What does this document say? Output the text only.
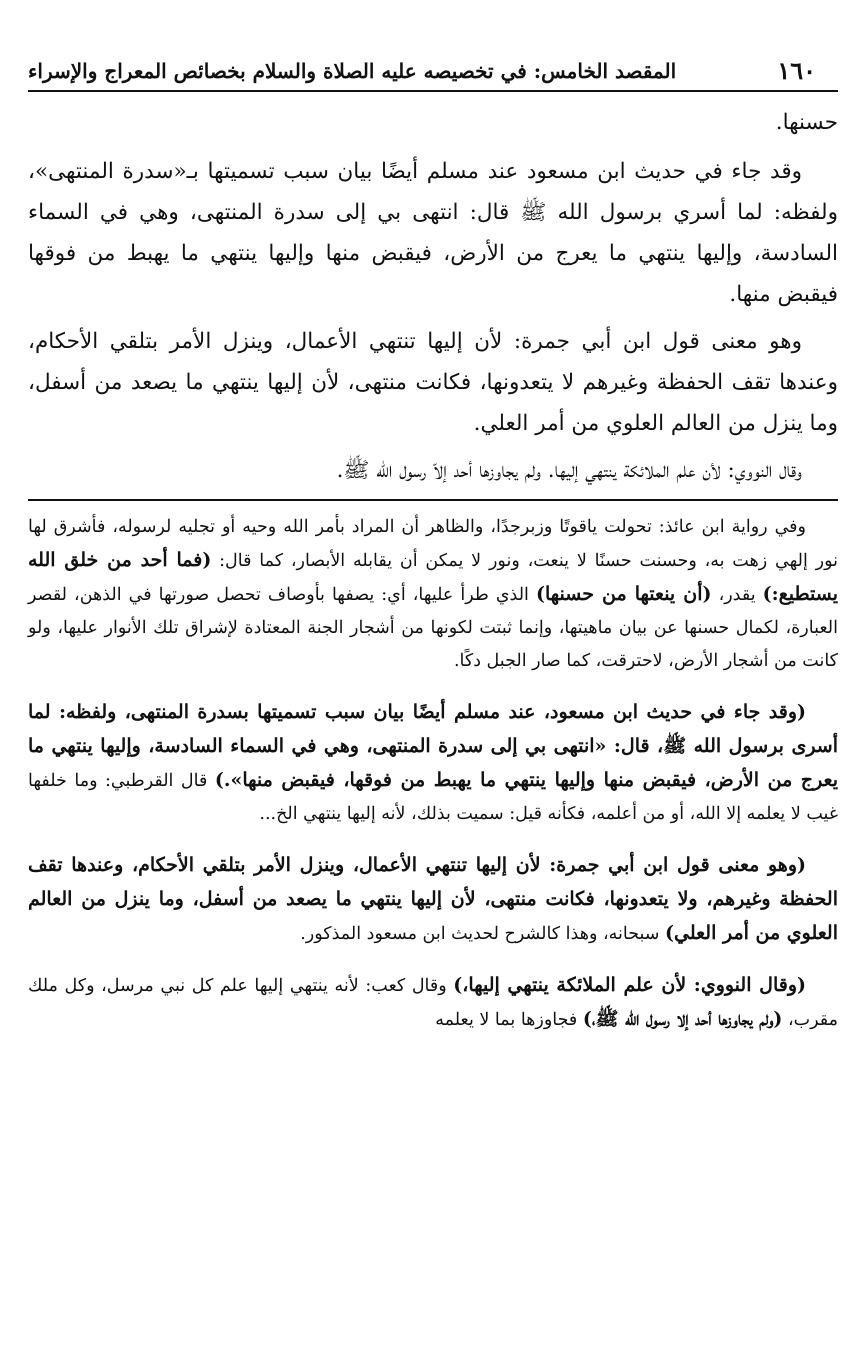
١٦٠
المقصد الخامس: في تخصيصه عليه الصلاة والسلام بخصائص المعراج والإسراء

حسنها.

وقد جاء في حديث ابن مسعود عند مسلم أيضًا بيان سبب تسميتها بـ«سدرة المنتهى»، ولفظه: لما أسري برسول الله ﷺ قال: انتهى بي إلى سدرة المنتهى، وهي في السماء السادسة، وإليها ينتهي ما يعرج من الأرض، فيقبض منها وإليها ينتهي ما يهبط من فوقها فيقبض منها.

وهو معنى قول ابن أبي جمرة: لأن إليها تنتهي الأعمال، وينزل الأمر بتلقي الأحكام، وعندها تقف الحفظة وغيرهم لا يتعدونها، فكانت منتهى، لأن إليها ينتهي ما يصعد من أسفل، وما ينزل من العالم العلوي من أمر العلي.

وقال النووي: لأن علم الملائكة ينتهي إليها. ولم يجاوزها أحد إلاّ رسول الله ﷺ.

وفي رواية ابن عائذ: تحولت ياقوتًا وزبرجدًا، والظاهر أن المراد بأمر الله وحيه أو تجليه لرسوله، فأشرق لها نور إلهي زهت به، وحسنت حسنًا لا ينعت، ونور لا يمكن أن يقابله الأبصار، كما قال: (فما أحد من خلق الله يستطيع:) يقدر، (أن ينعتها من حسنها) الذي طرأ عليها، أي: يصفها بأوصاف تحصل صورتها في الذهن، لقصر العبارة، لكمال حسنها عن بيان ماهيتها، وإنما ثبتت لكونها من أشجار الجنة المعتادة لإشراق تلك الأنوار عليها، ولو كانت من أشجار الأرض، لاحترقت، كما صار الجبل دكًا.

(وقد جاء في حديث ابن مسعود، عند مسلم أيضًا بيان سبب تسميتها بسدرة المنتهى، ولفظه: لما أسرى برسول الله ﷺ، قال: «انتهى بي إلى سدرة المنتهى، وهي في السماء السادسة، وإليها ينتهي ما يعرج من الأرض، فيقبض منها وإليها ينتهي ما يهبط من فوقها، فيقبض منها».) قال القرطبي: وما خلفها غيب لا يعلمه إلا الله، أو من أعلمه، فكأنه قيل: سميت بذلك، لأنه إليها ينتهي الخ...

(وهو معنى قول ابن أبي جمرة: لأن إليها تنتهي الأعمال، وينزل الأمر بتلقي الأحكام، وعندها تقف الحفظة وغيرهم، ولا يتعدونها، فكانت منتهى، لأن إليها ينتهي ما يصعد من أسفل، وما ينزل من العالم العلوي من أمر العلي) سبحانه، وهذا كالشرح لحديث ابن مسعود المذكور.

(وقال النووي: لأن علم الملائكة ينتهي إليها،) وقال كعب: لأنه ينتهي إليها علم كل نبي مرسل، وكل ملك مقرب، (ولم يجاوزها أحد إلا رسول الله ﷺ،) فجاوزها بما لا يعلمه
